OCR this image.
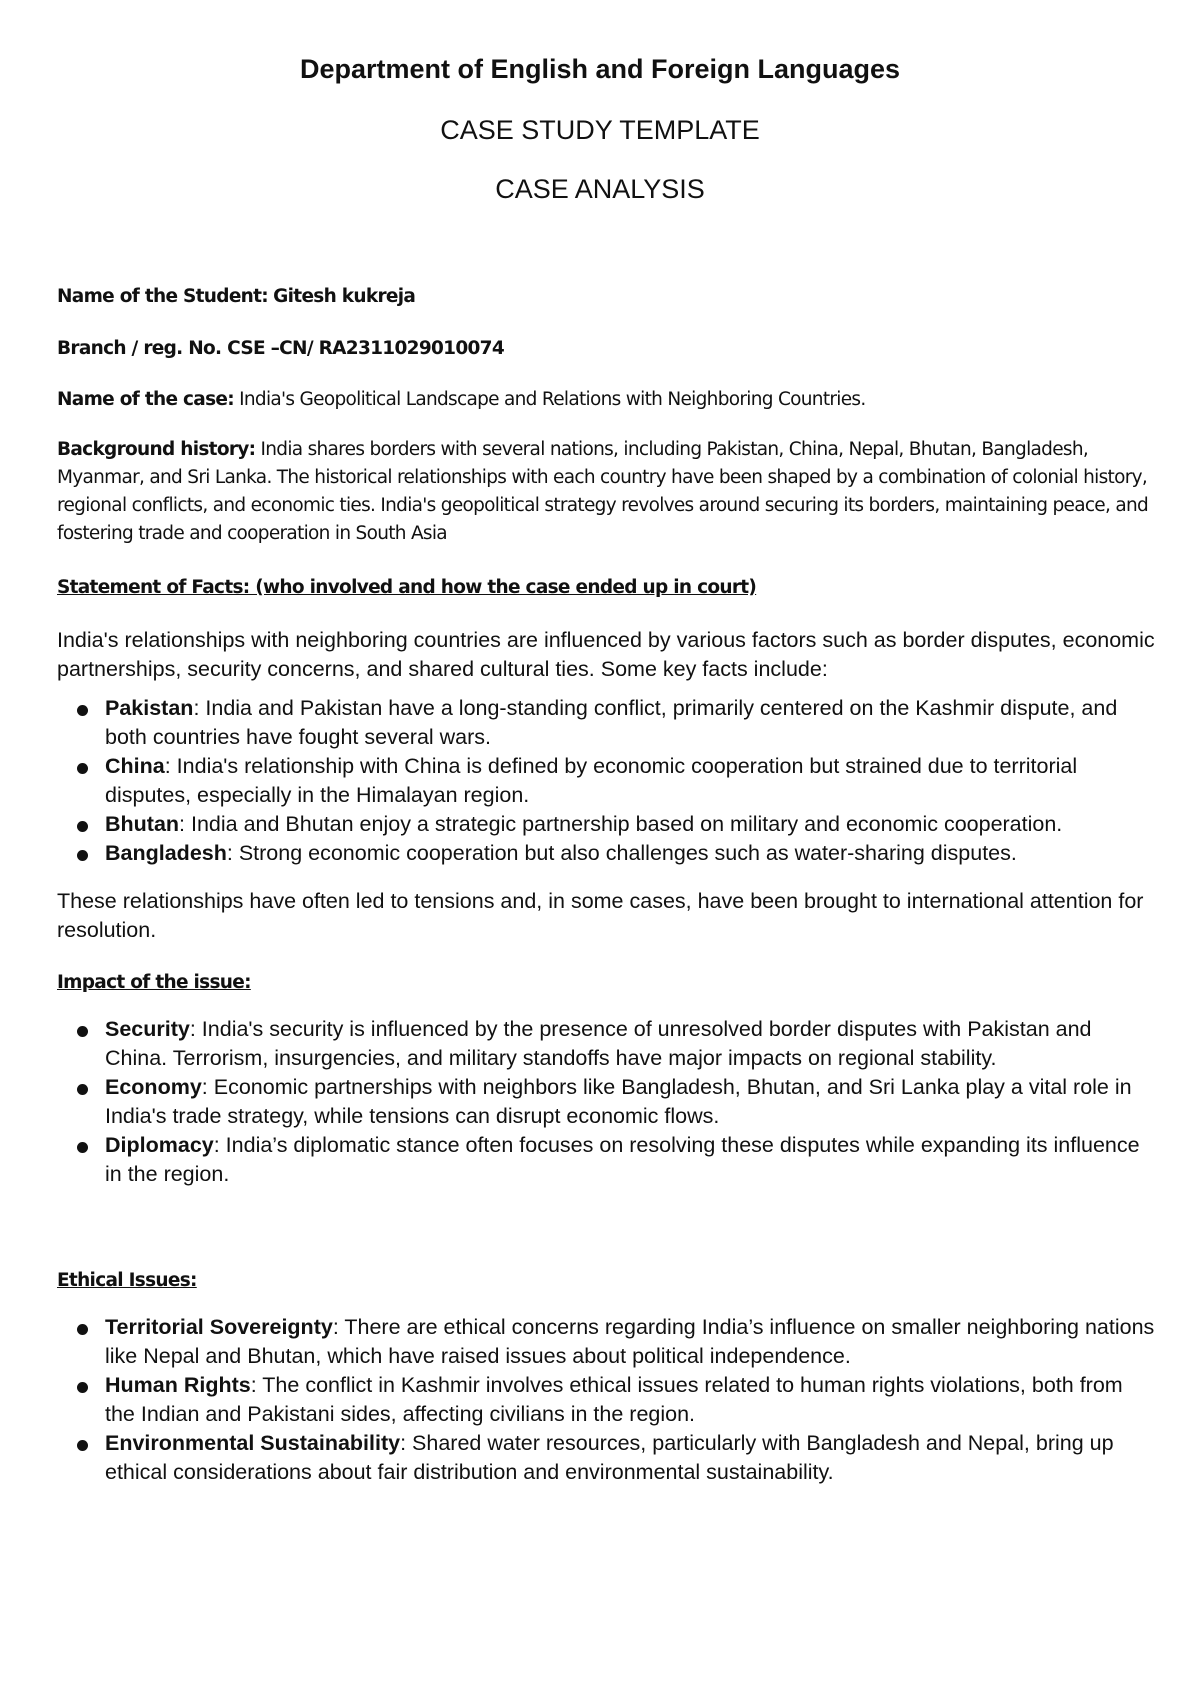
Department of English and Foreign Languages
CASE STUDY TEMPLATE
CASE ANALYSIS

Name of the Student: Gitesh kukreja

Branch / reg. No. CSE –CN/ RA2311029010074

Name of the case: India's Geopolitical Landscape and Relations with Neighboring Countries.

Background history: India shares borders with several nations, including Pakistan, China, Nepal, Bhutan, Bangladesh, Myanmar, and Sri Lanka. The historical relationships with each country have been shaped by a combination of colonial history, regional conflicts, and economic ties. India's geopolitical strategy revolves around securing its borders, maintaining peace, and fostering trade and cooperation in South Asia

Statement of Facts: (who involved and how the case ended up in court)

India's relationships with neighboring countries are influenced by various factors such as border disputes, economic partnerships, security concerns, and shared cultural ties. Some key facts include:

Pakistan: India and Pakistan have a long-standing conflict, primarily centered on the Kashmir dispute, and both countries have fought several wars.
China: India's relationship with China is defined by economic cooperation but strained due to territorial disputes, especially in the Himalayan region.
Bhutan: India and Bhutan enjoy a strategic partnership based on military and economic cooperation.
Bangladesh: Strong economic cooperation but also challenges such as water-sharing disputes.

These relationships have often led to tensions and, in some cases, have been brought to international attention for resolution.

Impact of the issue:

Security: India's security is influenced by the presence of unresolved border disputes with Pakistan and China. Terrorism, insurgencies, and military standoffs have major impacts on regional stability.
Economy: Economic partnerships with neighbors like Bangladesh, Bhutan, and Sri Lanka play a vital role in India's trade strategy, while tensions can disrupt economic flows.
Diplomacy: India’s diplomatic stance often focuses on resolving these disputes while expanding its influence in the region.

Ethical Issues:

Territorial Sovereignty: There are ethical concerns regarding India’s influence on smaller neighboring nations like Nepal and Bhutan, which have raised issues about political independence.
Human Rights: The conflict in Kashmir involves ethical issues related to human rights violations, both from the Indian and Pakistani sides, affecting civilians in the region.
Environmental Sustainability: Shared water resources, particularly with Bangladesh and Nepal, bring up ethical considerations about fair distribution and environmental sustainability.
